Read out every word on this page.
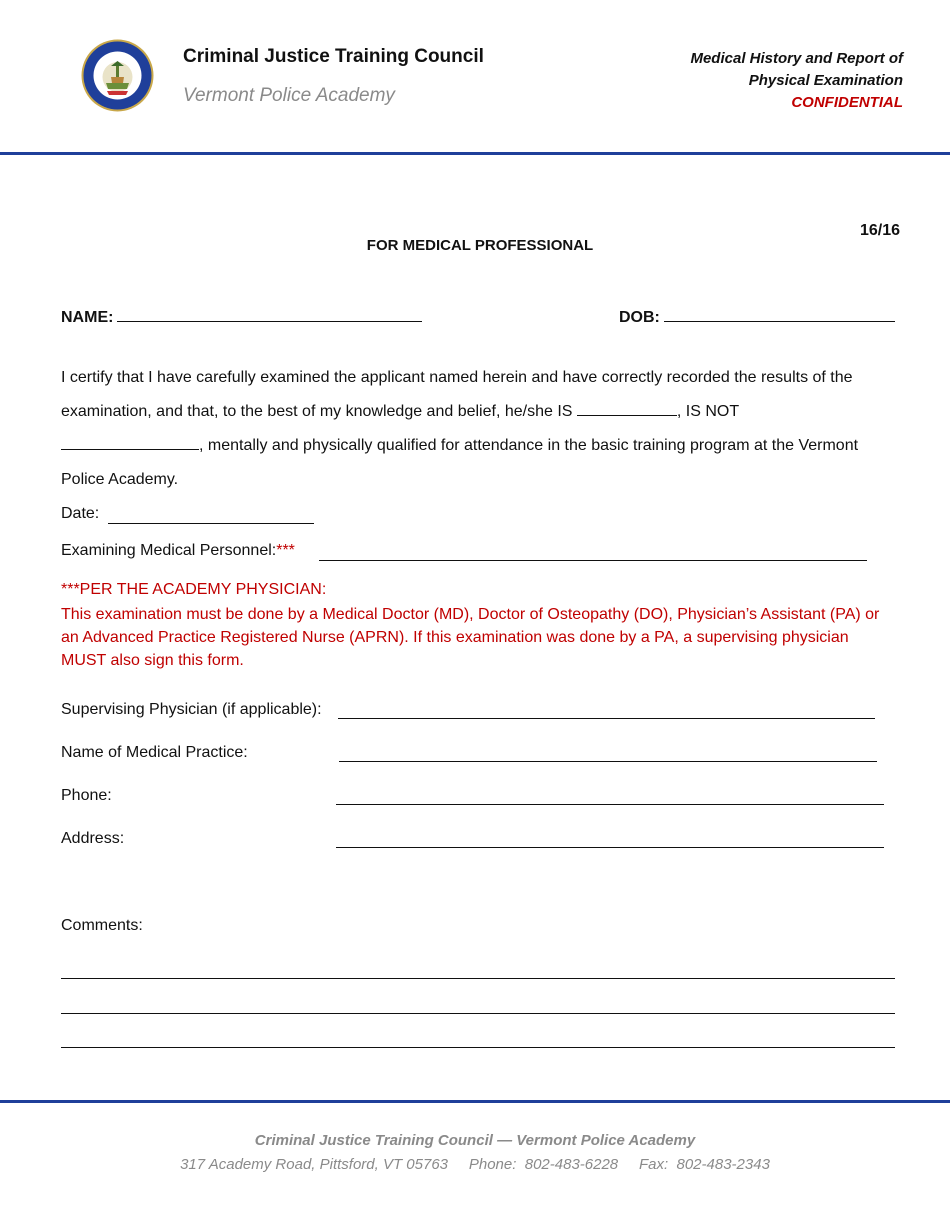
Criminal Justice Training Council
Vermont Police Academy
Medical History and Report of
Physical Examination
CONFIDENTIAL
16/16
FOR MEDICAL PROFESSIONAL
NAME:	DOB:
I certify that I have carefully examined the applicant named herein and have correctly recorded the results of the examination, and that, to the best of my knowledge and belief, he/she IS	, IS NOT
, mentally and physically qualified for attendance in the basic training program at the Vermont Police Academy.
Date:
Examining Medical Personnel:***
***PER THE ACADEMY PHYSICIAN:
This examination must be done by a Medical Doctor (MD), Doctor of Osteopathy (DO), Physician’s Assistant (PA) or an Advanced Practice Registered Nurse (APRN). If this examination was done by a PA, a supervising physician MUST also sign this form.
Supervising Physician (if applicable):
Name of Medical Practice:
Phone:
Address:
Comments:
Criminal Justice Training Council — Vermont Police Academy
317 Academy Road, Pittsford, VT 05763     Phone:  802-483-6228     Fax:  802-483-2343
